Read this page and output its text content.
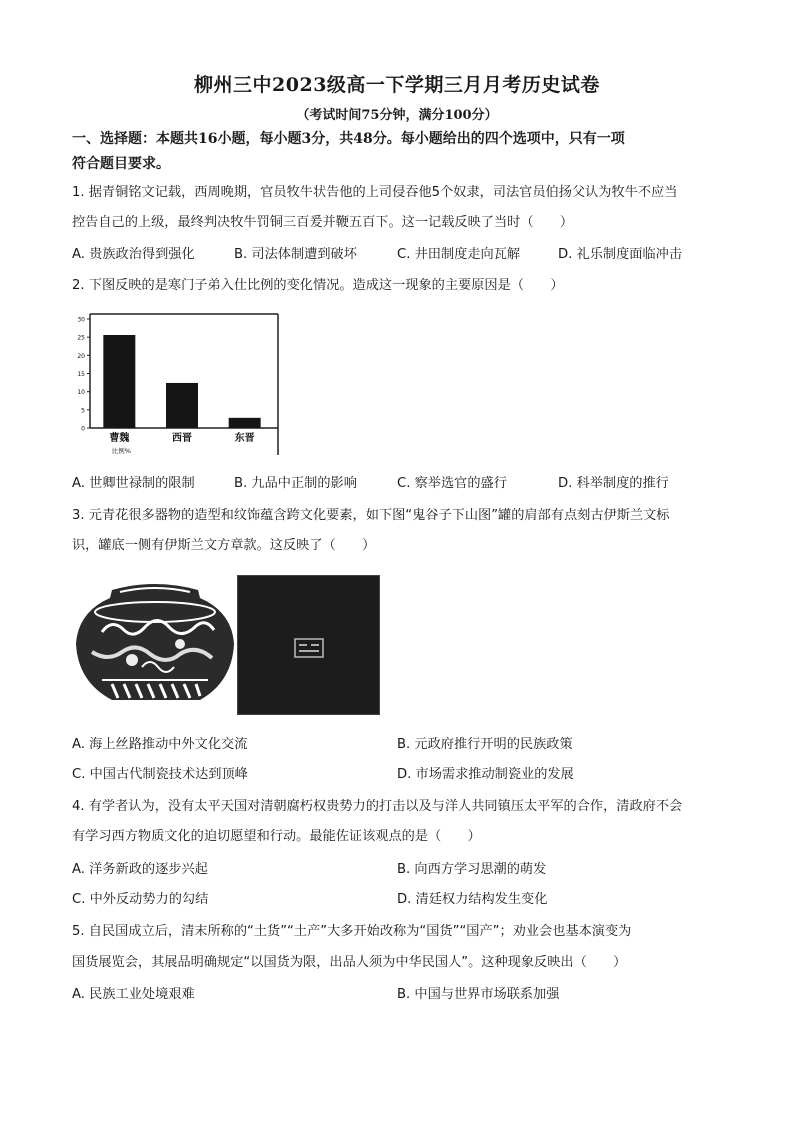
柳州三中2023级高一下学期三月月考历史试卷
（考试时间75分钟，满分100分）
一、选择题：本题共16小题，每小题3分，共48分。每小题给出的四个选项中，只有一项
符合题目要求。
1. 据青铜铭文记载，西周晚期，官员牧牛状告他的上司侵吞他5个奴隶，司法官员伯扬父认为牧牛不应当
控告自己的上级，最终判决牧牛罚铜三百爰并鞭五百下。这一记载反映了当时（　　）
A. 贵族政治得到强化	B. 司法体制遭到破坏	C. 井田制度走向瓦解	D. 礼乐制度面临冲击
2. 下图反映的是寒门子弟入仕比例的变化情况。造成这一现象的主要原因是（　　）
30
25
20
15
10
5
0
曹魏	西晋	东晋
比例%
A. 世卿世禄制的限制	B. 九品中正制的影响	C. 察举选官的盛行	D. 科举制度的推行
3. 元青花很多器物的造型和纹饰蕴含跨文化要素，如下图“鬼谷子下山图”罐的肩部有点刻古伊斯兰文标
识，罐底一侧有伊斯兰文方章款。这反映了（　　）
A. 海上丝路推动中外文化交流	B. 元政府推行开明的民族政策
C. 中国古代制瓷技术达到顶峰	D. 市场需求推动制瓷业的发展
4. 有学者认为，没有太平天国对清朝腐朽权贵势力的打击以及与洋人共同镇压太平军的合作，清政府不会
有学习西方物质文化的迫切愿望和行动。最能佐证该观点的是（　　）
A. 洋务新政的逐步兴起	B. 向西方学习思潮的萌发
C. 中外反动势力的勾结	D. 清廷权力结构发生变化
5. 自民国成立后，清末所称的“土货”“土产”大多开始改称为“国货”“国产”；劝业会也基本演变为
国货展览会，其展品明确规定“以国货为限，出品人须为中华民国人”。这种现象反映出（　　）
A. 民族工业处境艰难	B. 中国与世界市场联系加强
